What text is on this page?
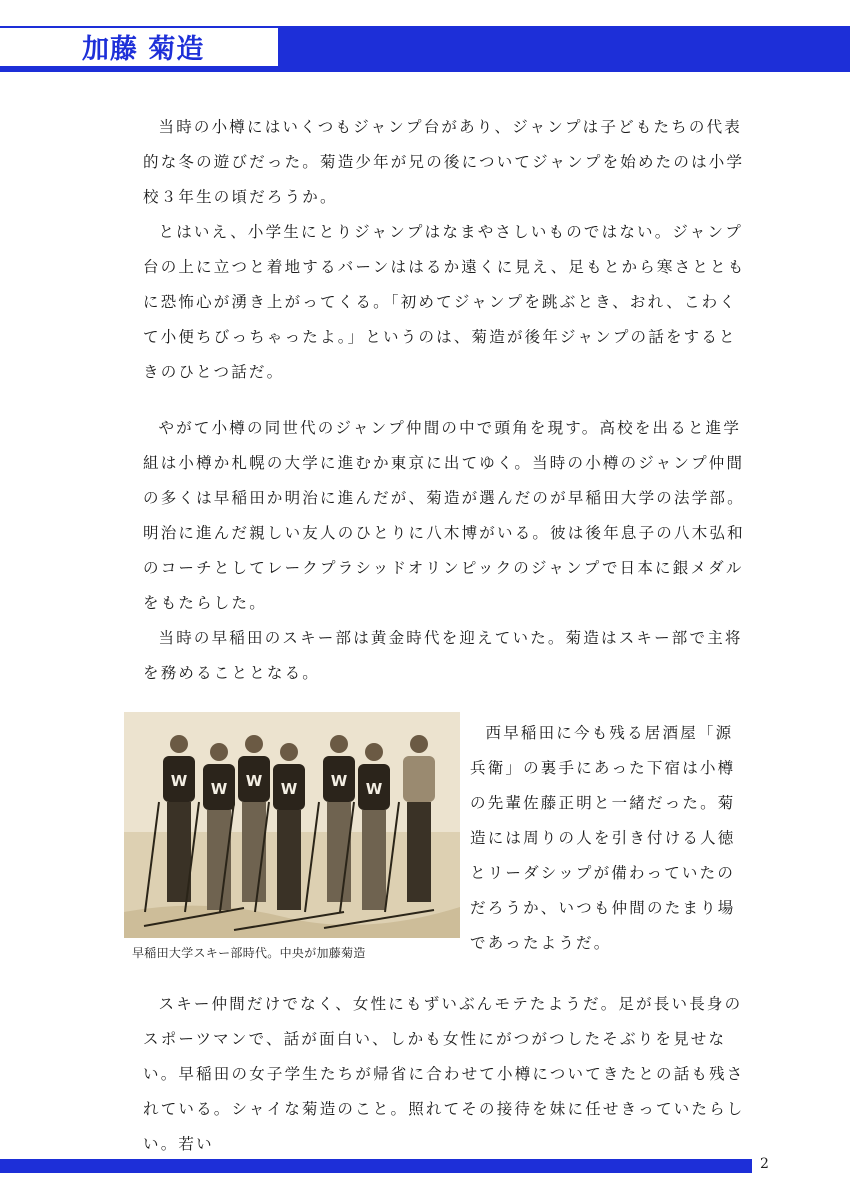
加藤 菊造

当時の小樽にはいくつもジャンプ台があり、ジャンプは子どもたちの代表的な冬の遊びだった。菊造少年が兄の後についてジャンプを始めたのは小学校３年生の頃だろうか。

とはいえ、小学生にとりジャンプはなまやさしいものではない。ジャンプ台の上に立つと着地するバーンははるか遠くに見え、足もとから寒さとともに恐怖心が湧き上がってくる。「初めてジャンプを跳ぶとき、おれ、こわくて小便ちびっちゃったよ。」というのは、菊造が後年ジャンプの話をするときのひとつ話だ。

やがて小樽の同世代のジャンプ仲間の中で頭角を現す。高校を出ると進学組は小樽か札幌の大学に進むか東京に出てゆく。当時の小樽のジャンプ仲間の多くは早稲田か明治に進んだが、菊造が選んだのが早稲田大学の法学部。明治に進んだ親しい友人のひとりに八木博がいる。彼は後年息子の八木弘和のコーチとしてレークプラシッドオリンピックのジャンプで日本に銀メダルをもたらした。

当時の早稲田のスキー部は黄金時代を迎えていた。菊造はスキー部で主将を務めることとなる。

W W W W W W
早稲田大学スキー部時代。中央が加藤菊造

西早稲田に今も残る居酒屋「源兵衛」の裏手にあった下宿は小樽の先輩佐藤正明と一緒だった。菊造には周りの人を引き付ける人徳とリーダシップが備わっていたのだろうか、いつも仲間のたまり場であったようだ。

スキー仲間だけでなく、女性にもずいぶんモテたようだ。足が長い長身のスポーツマンで、話が面白い、しかも女性にがつがつしたそぶりを見せない。早稲田の女子学生たちが帰省に合わせて小樽についてきたとの話も残されている。シャイな菊造のこと。照れてその接待を妹に任せきっていたらしい。若い

2
